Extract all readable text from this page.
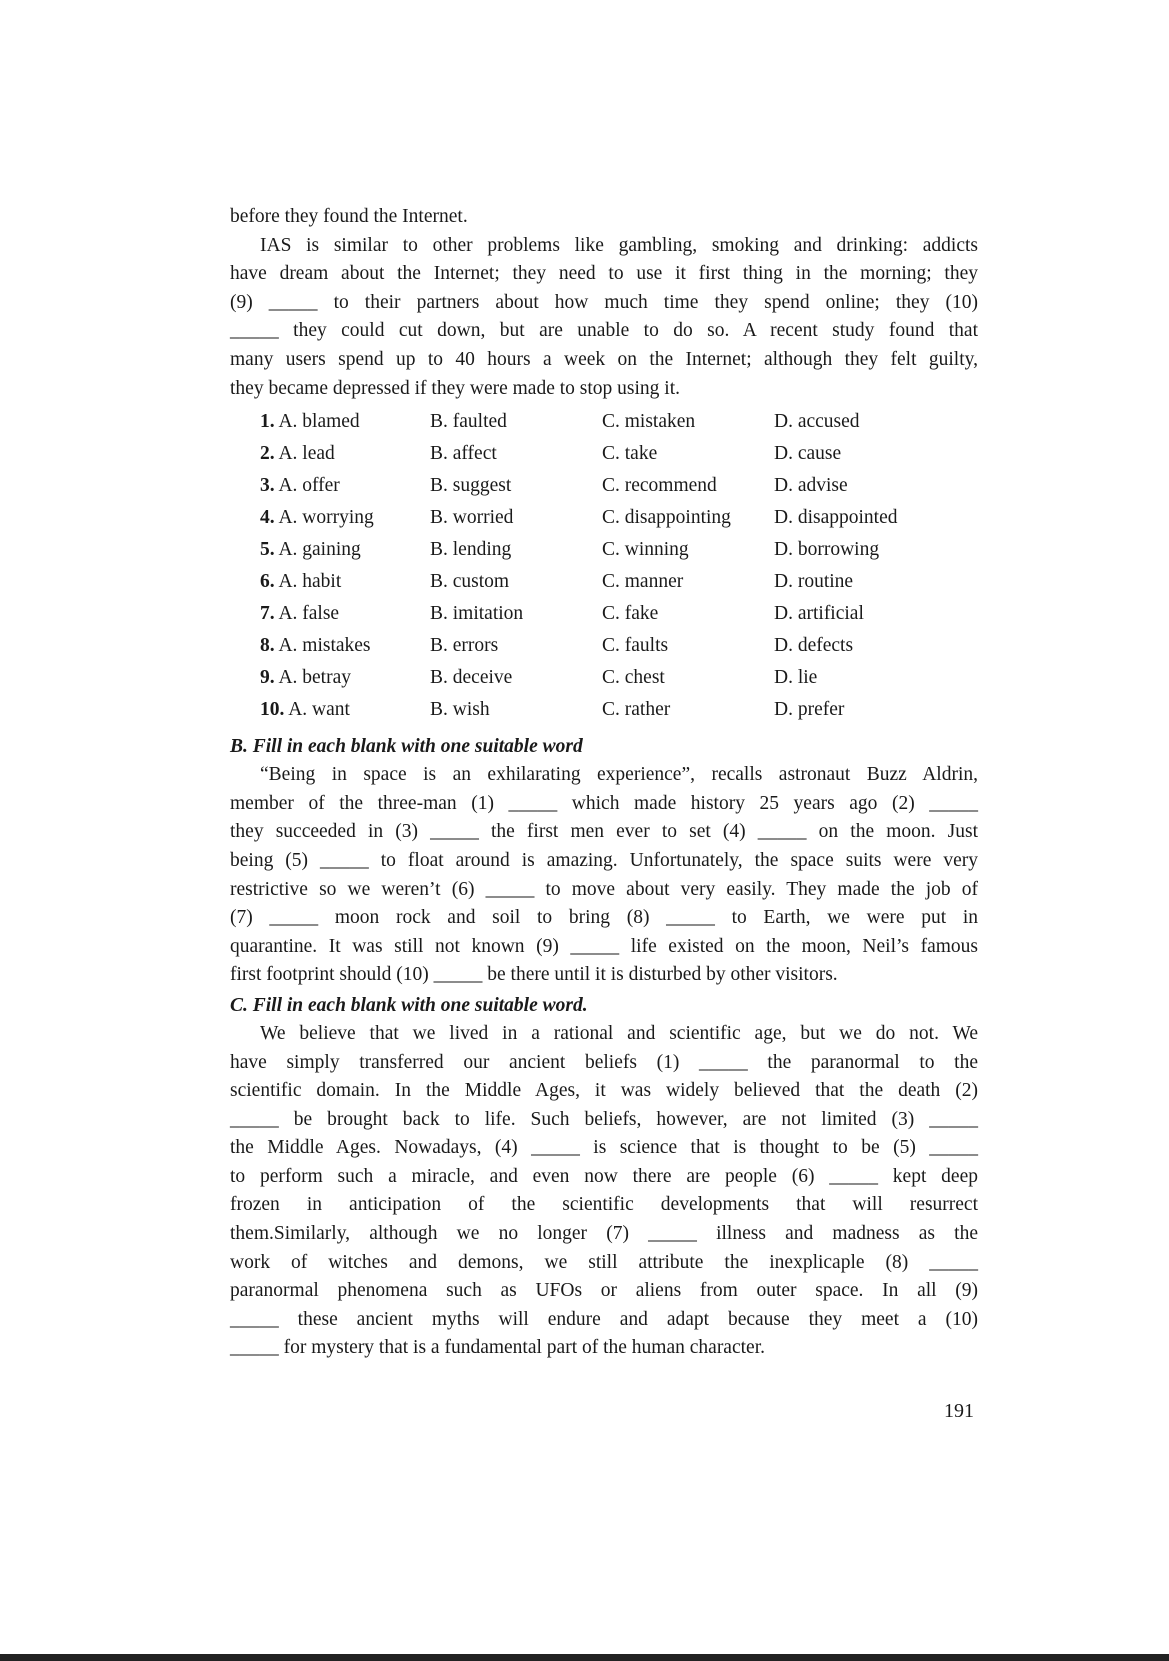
before they found the Internet.
IAS is similar to other problems like gambling, smoking and drinking: addicts
have dream about the Internet; they need to use it first thing in the morning; they
(9) _____ to their partners about how much time they spend online; they (10)
_____ they could cut down, but are unable to do so. A recent study found that
many users spend up to 40 hours a week on the Internet; although they felt guilty,
they became depressed if they were made to stop using it.

1. A. blamed	B. faulted	C. mistaken	D. accused
2. A. lead	B. affect	C. take	D. cause
3. A. offer	B. suggest	C. recommend	D. advise
4. A. worrying	B. worried	C. disappointing	D. disappointed
5. A. gaining	B. lending	C. winning	D. borrowing
6. A. habit	B. custom	C. manner	D. routine
7. A. false	B. imitation	C. fake	D. artificial
8. A. mistakes	B. errors	C. faults	D. defects
9. A. betray	B. deceive	C. chest	D. lie
10. A. want	B. wish	C. rather	D. prefer

B. Fill in each blank with one suitable word

“Being in space is an exhilarating experience”, recalls astronaut Buzz Aldrin,
member of the three-man (1) _____ which made history 25 years ago (2) _____
they succeeded in (3) _____ the first men ever to set (4) _____ on the moon. Just
being (5) _____ to float around is amazing. Unfortunately, the space suits were very
restrictive so we weren’t (6) _____ to move about very easily. They made the job of
(7) _____ moon rock and soil to bring (8) _____ to Earth, we were put in
quarantine. It was still not known (9) _____ life existed on the moon, Neil’s famous
first footprint should (10) _____ be there until it is disturbed by other visitors.

C. Fill in each blank with one suitable word.

We believe that we lived in a rational and scientific age, but we do not. We
have simply transferred our ancient beliefs (1) _____ the paranormal to the
scientific domain. In the Middle Ages, it was widely believed that the death (2)
_____ be brought back to life. Such beliefs, however, are not limited (3) _____
the Middle Ages. Nowadays, (4) _____ is science that is thought to be (5) _____
to perform such a miracle, and even now there are people (6) _____ kept deep
frozen in anticipation of the scientific developments that will resurrect
them.Similarly, although we no longer (7) _____ illness and madness as the
work of witches and demons, we still attribute the inexplicaple (8) _____
paranormal phenomena such as UFOs or aliens from outer space. In all (9)
_____ these ancient myths will endure and adapt because they meet a (10)
_____ for mystery that is a fundamental part of the human character.

191
